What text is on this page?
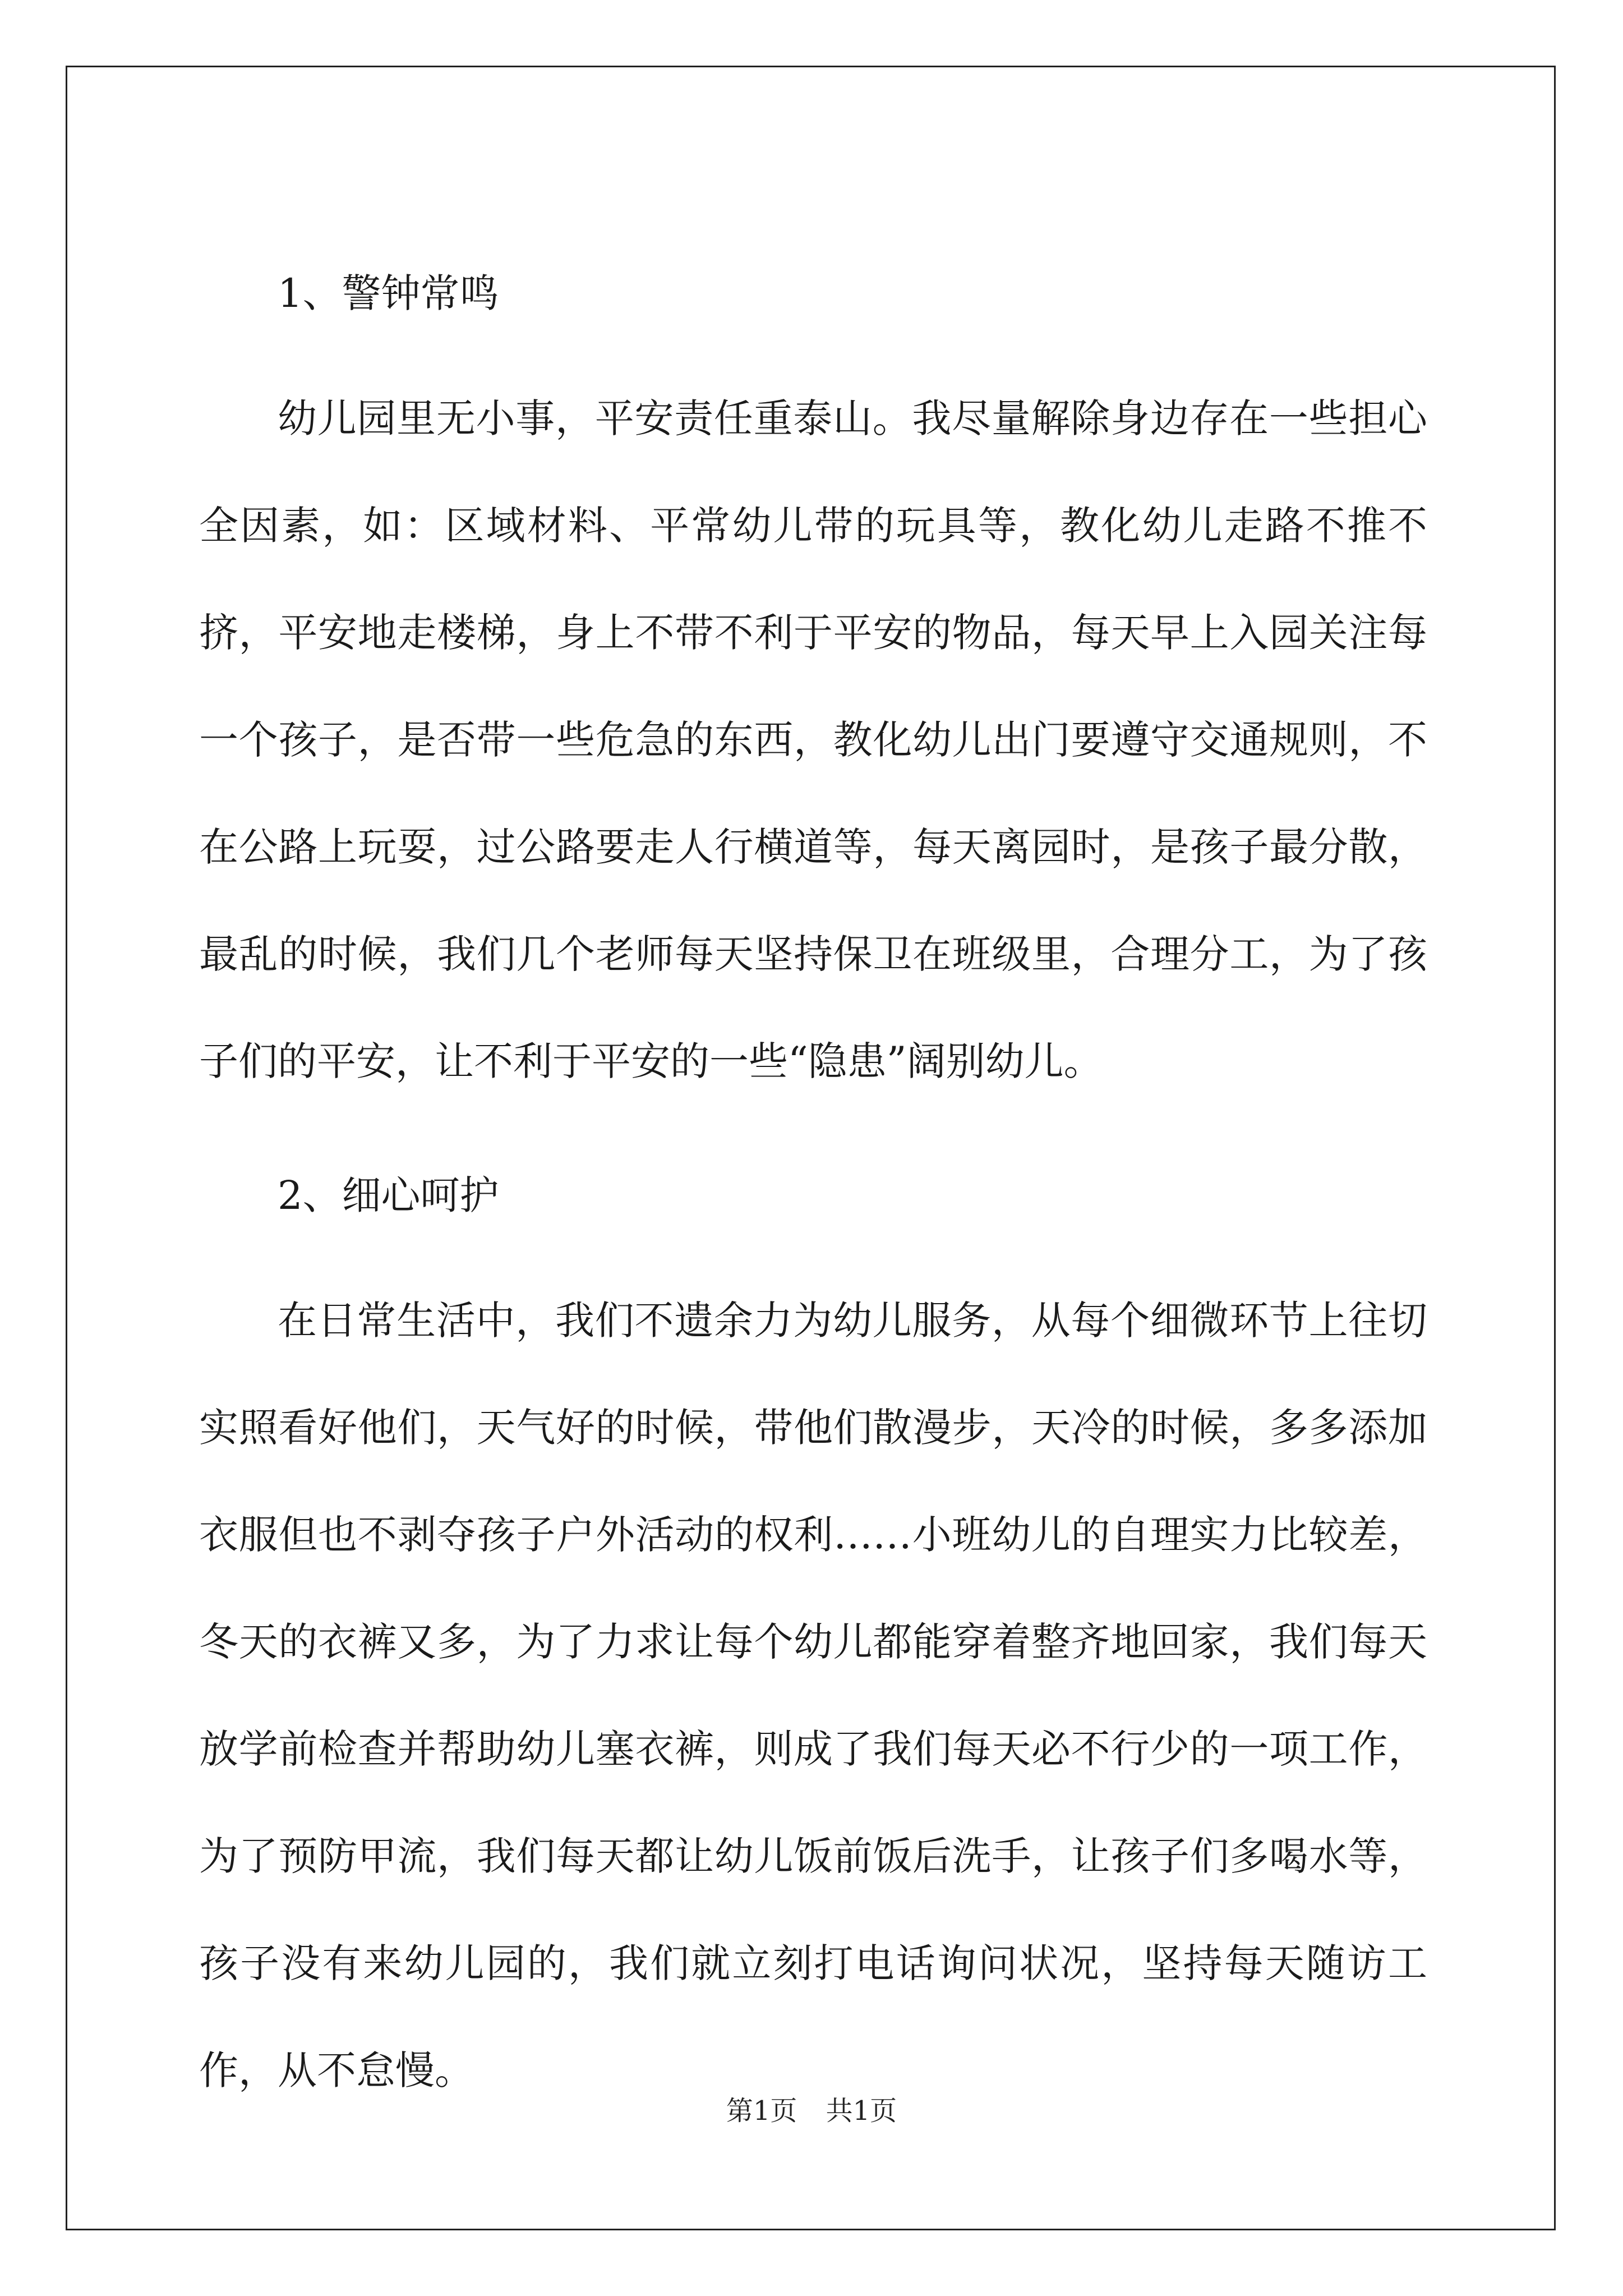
1、警钟常鸣

幼儿园里无小事，平安责任重泰山。我尽量解除身边存在一些担心全因素，如：区域材料、平常幼儿带的玩具等，教化幼儿走路不推不挤，平安地走楼梯，身上不带不利于平安的物品，每天早上入园关注每一个孩子，是否带一些危急的东西，教化幼儿出门要遵守交通规则，不在公路上玩耍，过公路要走人行横道等，每天离园时，是孩子最分散，最乱的时候，我们几个老师每天坚持保卫在班级里，合理分工，为了孩子们的平安，让不利于平安的一些“隐患”阔别幼儿。

2、细心呵护

在日常生活中，我们不遗余力为幼儿服务，从每个细微环节上往切实照看好他们，天气好的时候，带他们散漫步，天冷的时候，多多添加衣服但也不剥夺孩子户外活动的权利……小班幼儿的自理实力比较差，冬天的衣裤又多，为了力求让每个幼儿都能穿着整齐地回家，我们每天放学前检查并帮助幼儿塞衣裤，则成了我们每天必不行少的一项工作，为了预防甲流，我们每天都让幼儿饭前饭后洗手，让孩子们多喝水等，孩子没有来幼儿园的，我们就立刻打电话询问状况，坚持每天随访工作，从不怠慢。

第1页 共1页
